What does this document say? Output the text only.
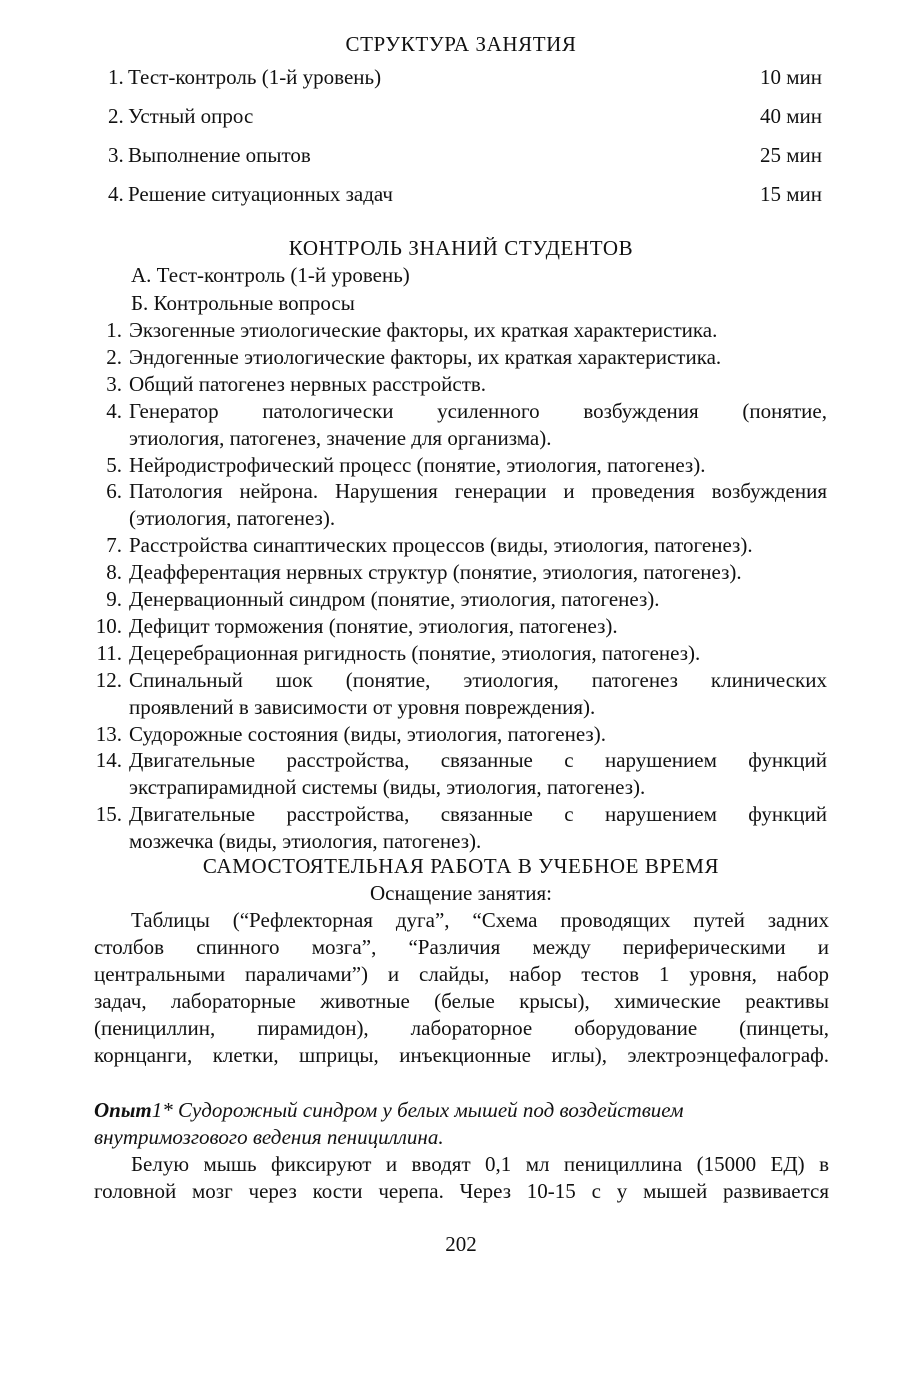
СТРУКТУРА ЗАНЯТИЯ
1. Тест-контроль (1-й уровень)	10 мин
2. Устный опрос	40 мин
3. Выполнение опытов	25 мин
4. Решение ситуационных задач	15 мин
КОНТРОЛЬ ЗНАНИЙ СТУДЕНТОВ
А. Тест-контроль (1-й уровень)
Б. Контрольные вопросы
1. Экзогенные этиологические факторы, их краткая характеристика.
2. Эндогенные этиологические факторы, их краткая характеристика.
3. Общий патогенез нервных расстройств.
4. Генератор патологически усиленного возбуждения (понятие,
этиология, патогенез, значение для организма).
5. Нейродистрофический процесс (понятие, этиология, патогенез).
6. Патология нейрона. Нарушения генерации и проведения возбуждения
(этиология, патогенез).
7. Расстройства синаптических процессов (виды, этиология, патогенез).
8. Деафферентация нервных структур (понятие, этиология, патогенез).
9. Денервационный синдром (понятие, этиология, патогенез).
10. Дефицит торможения (понятие, этиология, патогенез).
11. Децеребрационная ригидность (понятие, этиология, патогенез).
12. Спинальный шок (понятие, этиология, патогенез клинических
проявлений в зависимости от уровня повреждения).
13. Судорожные состояния (виды, этиология, патогенез).
14. Двигательные расстройства, связанные с нарушением функций
экстрапирамидной системы (виды, этиология, патогенез).
15. Двигательные расстройства, связанные с нарушением функций
мозжечка (виды, этиология, патогенез).
САМОСТОЯТЕЛЬНАЯ РАБОТА В УЧЕБНОЕ ВРЕМЯ
Оснащение занятия:
Таблицы (“Рефлекторная дуга”, “Схема проводящих путей задних
столбов спинного мозга”, “Различия между периферическими и
центральными параличами”) и слайды, набор тестов 1 уровня, набор
задач, лабораторные животные (белые крысы), химические реактивы
(пенициллин, пирамидон), лабораторное оборудование (пинцеты,
корнцанги, клетки, шприцы, инъекционные иглы), электроэнцефалограф.
Опыт1* Судорожный синдром у белых мышей под воздействием
внутримозгового ведения пенициллина.
Белую мышь фиксируют и вводят 0,1 мл пенициллина (15000 ЕД) в
головной мозг через кости черепа. Через 10-15 с у мышей развивается
202
